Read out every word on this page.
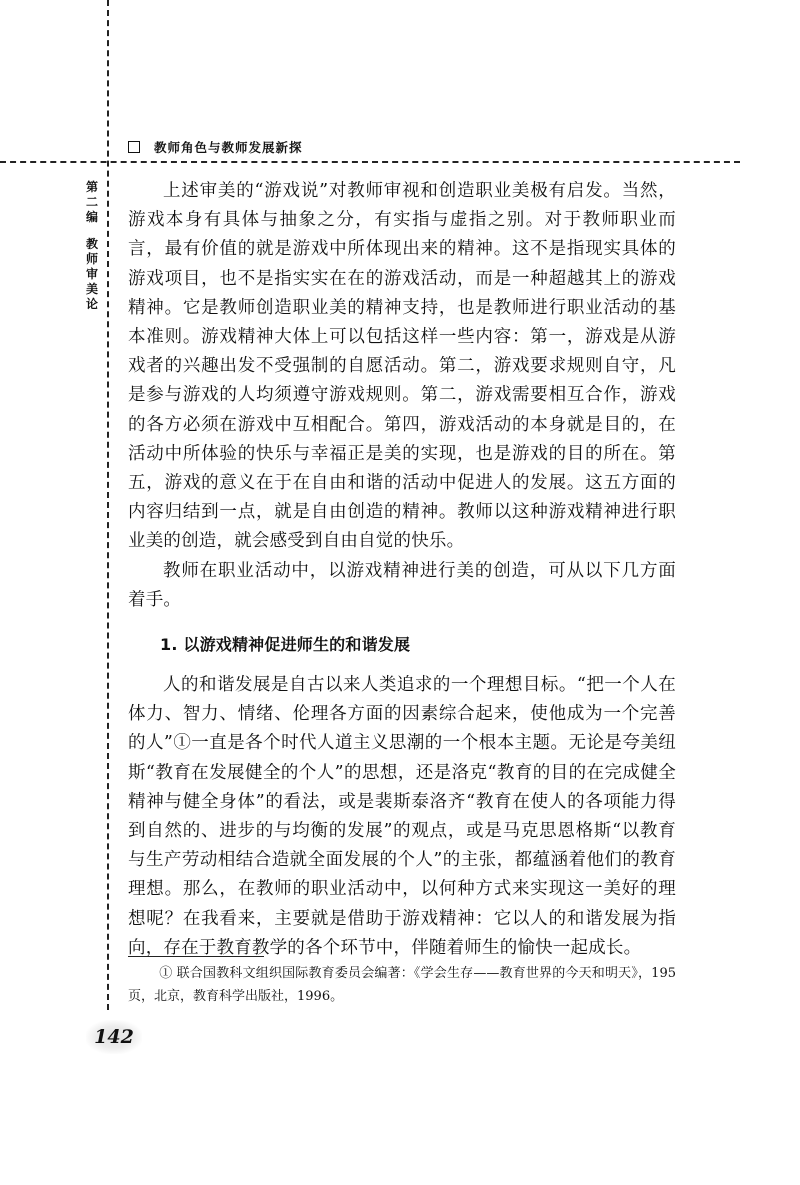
教师角色与教师发展新探
第二编
教师审美论

上述审美的“游戏说”对教师审视和创造职业美极有启发。当然，游戏本身有具体与抽象之分，有实指与虚指之别。对于教师职业而言，最有价值的就是游戏中所体现出来的精神。这不是指现实具体的游戏项目，也不是指实实在在的游戏活动，而是一种超越其上的游戏精神。它是教师创造职业美的精神支持，也是教师进行职业活动的基本准则。游戏精神大体上可以包括这样一些内容：第一，游戏是从游戏者的兴趣出发不受强制的自愿活动。第二，游戏要求规则自守，凡是参与游戏的人均须遵守游戏规则。第二，游戏需要相互合作，游戏的各方必须在游戏中互相配合。第四，游戏活动的本身就是目的，在活动中所体验的快乐与幸福正是美的实现，也是游戏的目的所在。第五，游戏的意义在于在自由和谐的活动中促进人的发展。这五方面的内容归结到一点，就是自由创造的精神。教师以这种游戏精神进行职业美的创造，就会感受到自由自觉的快乐。

教师在职业活动中，以游戏精神进行美的创造，可从以下几方面着手。

1. 以游戏精神促进师生的和谐发展

人的和谐发展是自古以来人类追求的一个理想目标。“把一个人在体力、智力、情绪、伦理各方面的因素综合起来，使他成为一个完善的人”①一直是各个时代人道主义思潮的一个根本主题。无论是夸美纽斯“教育在发展健全的个人”的思想，还是洛克“教育的目的在完成健全精神与健全身体”的看法，或是裴斯泰洛齐“教育在使人的各项能力得到自然的、进步的与均衡的发展”的观点，或是马克思恩格斯“以教育与生产劳动相结合造就全面发展的个人”的主张，都蕴涵着他们的教育理想。那么，在教师的职业活动中，以何种方式来实现这一美好的理想呢？在我看来，主要就是借助于游戏精神：它以人的和谐发展为指向，存在于教育教学的各个环节中，伴随着师生的愉快一起成长。

① 联合国教科文组织国际教育委员会编著：《学会生存——教育世界的今天和明天》，195页，北京，教育科学出版社，1996。

142
